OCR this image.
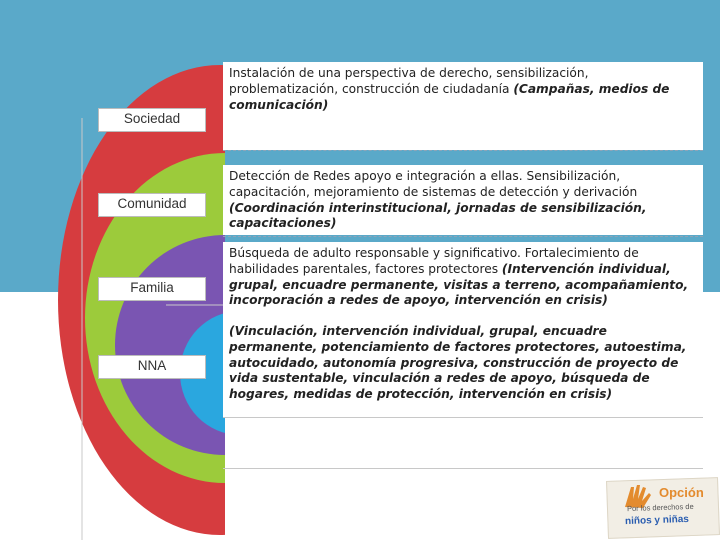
Sociedad
Comunidad
Familia
NNA
Instalación de una perspectiva de derecho, sensibilización, problematización, construcción de ciudadanía (Campañas, medios de comunicación)
Detección de Redes apoyo e integración a ellas. Sensibilización, capacitación, mejoramiento de sistemas de detección y derivación (Coordinación interinstitucional, jornadas de sensibilización, capacitaciones)
Búsqueda de adulto responsable y significativo. Fortalecimiento de habilidades parentales, factores protectores (Intervención individual, grupal, encuadre permanente, visitas a terreno, acompañamiento, incorporación a redes de apoyo, intervención en crisis)
(Vinculación, intervención individual, grupal, encuadre permanente, potenciamiento de factores protectores, autoestima, autocuidado, autonomía progresiva, construcción de proyecto de vida sustentable, vinculación a redes de apoyo, búsqueda de hogares, medidas de protección, intervención en crisis)
Opción
Por los derechos de
niños y niñas
